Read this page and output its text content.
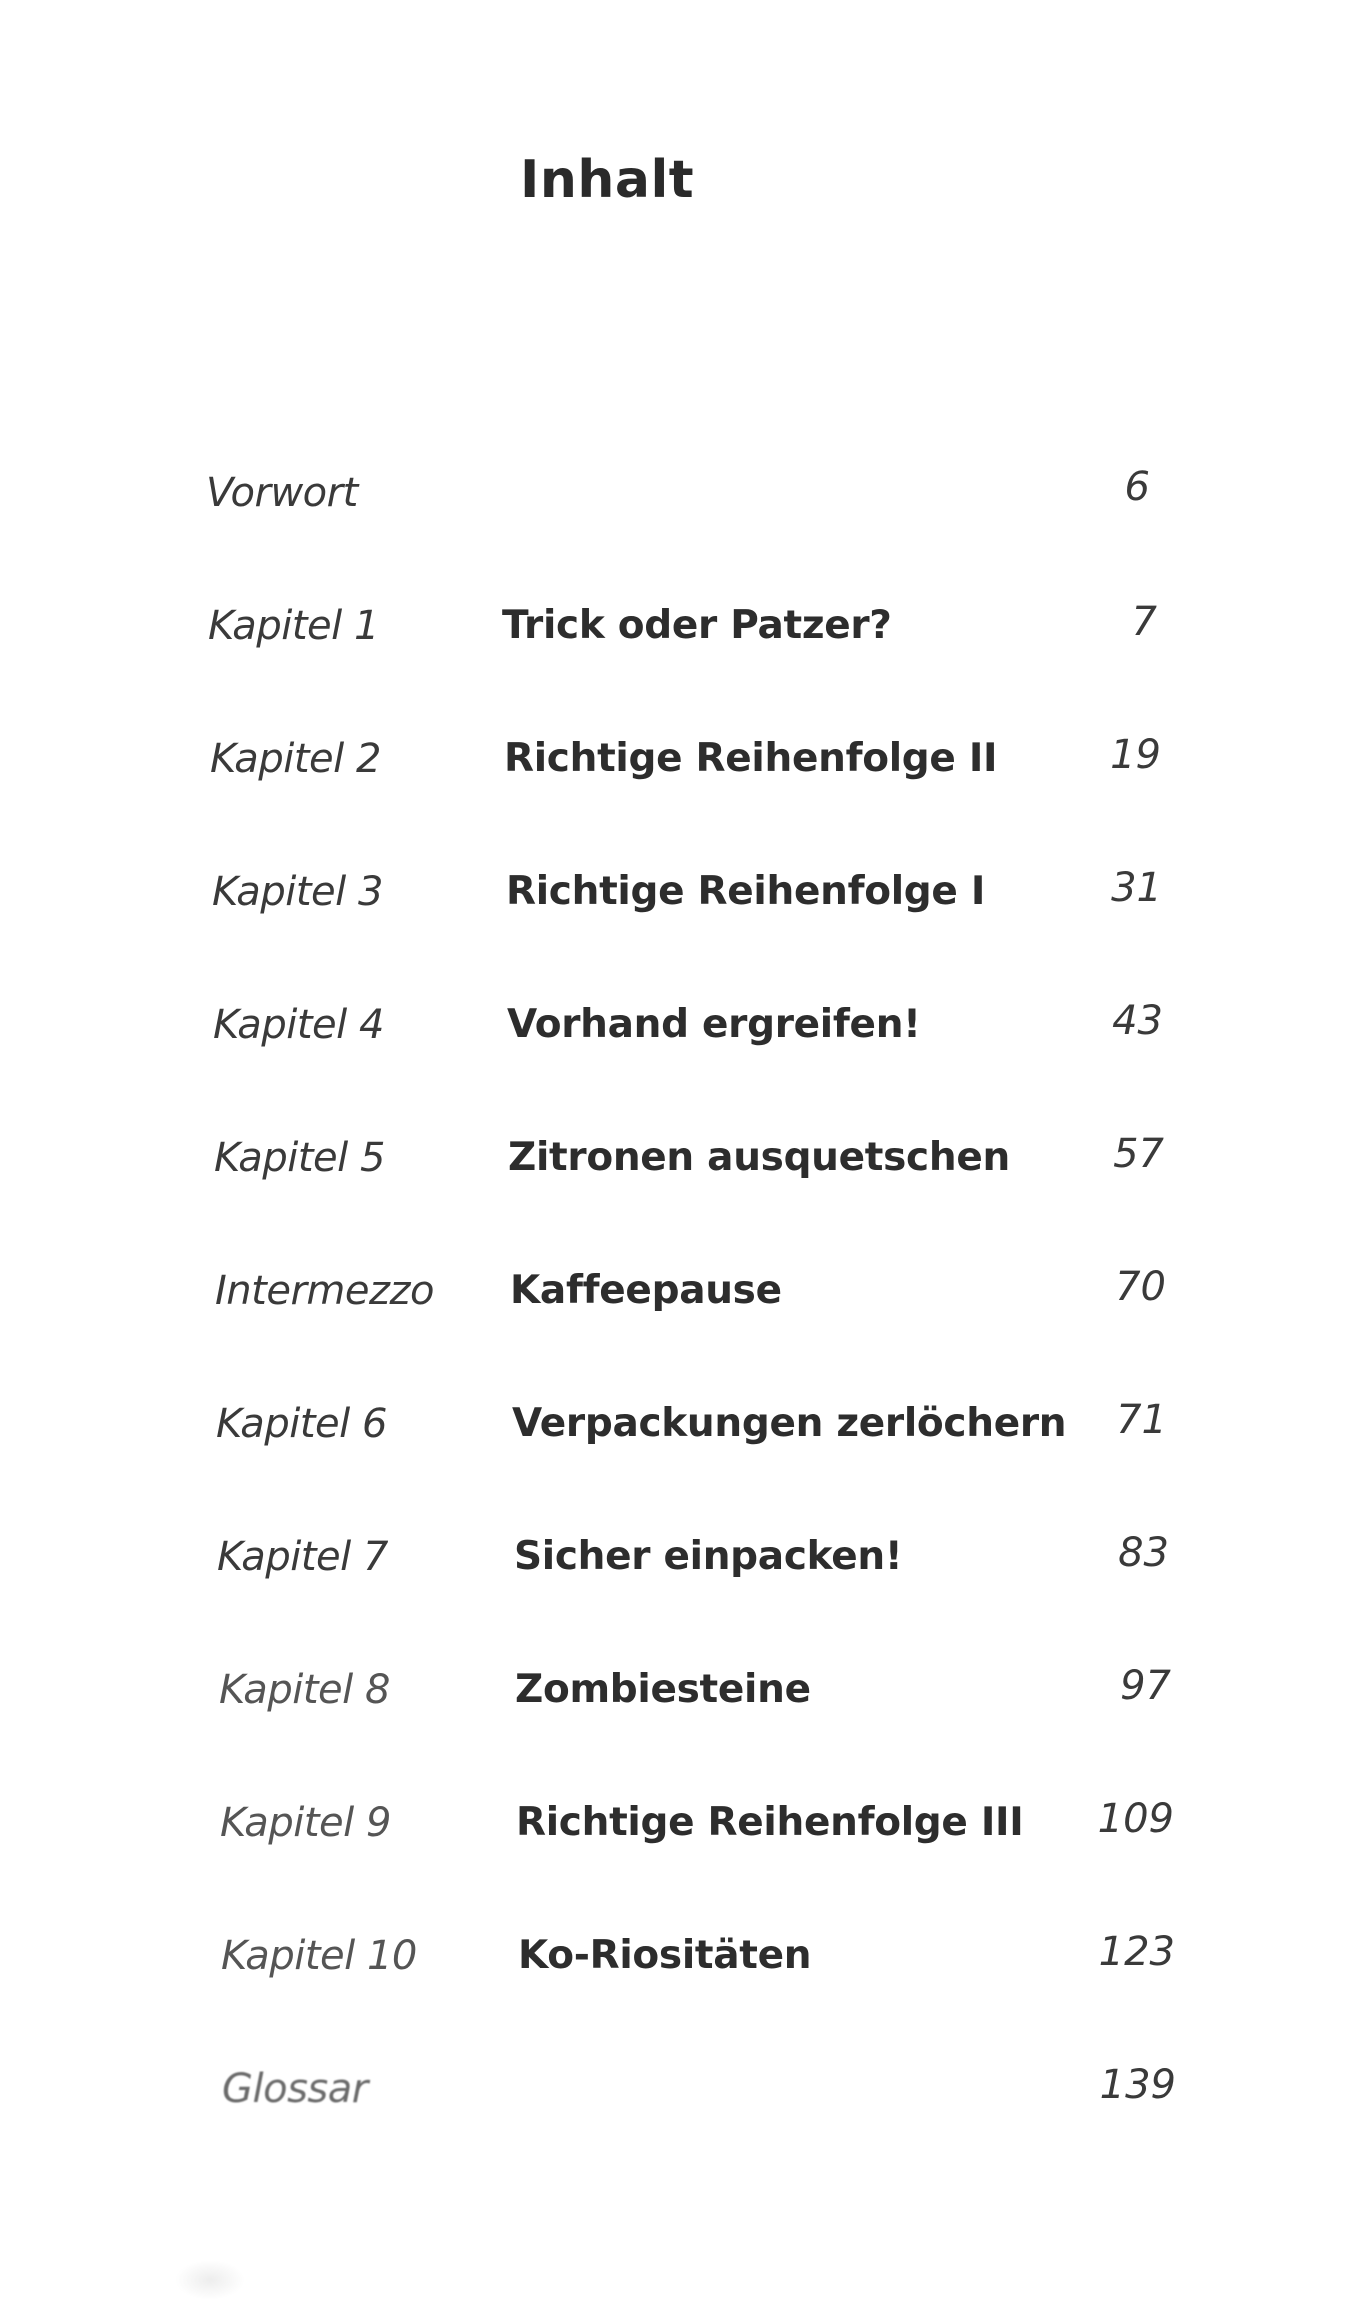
Inhalt
Vorwort	6
Kapitel 1	Trick oder Patzer?	7
Kapitel 2	Richtige Reihenfolge II	19
Kapitel 3	Richtige Reihenfolge I	31
Kapitel 4	Vorhand ergreifen!	43
Kapitel 5	Zitronen ausquetschen	57
Intermezzo Kaffeepause	70
Kapitel 6	Verpackungen zerlöchern	71
Kapitel 7	Sicher einpacken!	83
Kapitel 8	Zombiesteine	97
Kapitel 9	Richtige Reihenfolge III	109
Kapitel 10	Ko-Riositäten	123
Glossar	139
